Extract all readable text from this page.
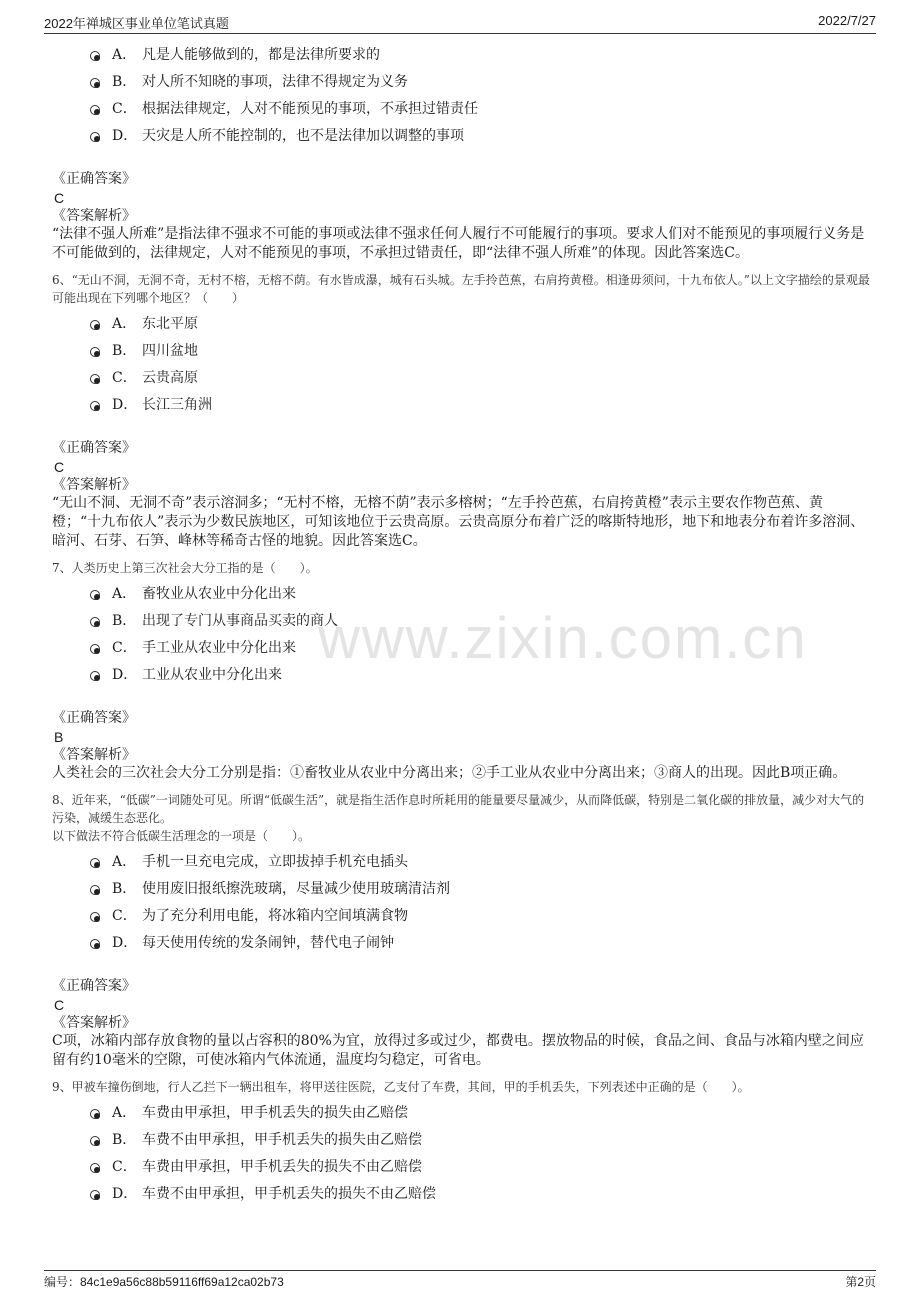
2022年禅城区事业单位笔试真题	2022/7/27
www.zixin.com.cn
A． 凡是人能够做到的，都是法律所要求的
B． 对人所不知晓的事项，法律不得规定为义务
C． 根据法律规定，人对不能预见的事项，不承担过错责任
D． 天灾是人所不能控制的，也不是法律加以调整的事项
《正确答案》
C
《答案解析》
“法律不强人所难”是指法律不强求不可能的事项或法律不强求任何人履行不可能履行的事项。要求人们对不能预见的事项履行义务是不可能做到的，法律规定，人对不能预见的事项，不承担过错责任，即“法律不强人所难”的体现。因此答案选C。

6、“无山不洞，无洞不奇，无村不榕，无榕不荫。有水皆成瀑，城有石头城。左手拎芭蕉，右肩挎黄橙。相逢毋须问，十九布依人。”以上文字描绘的景观最可能出现在下列哪个地区？（　　）

A． 东北平原
B． 四川盆地
C． 云贵高原
D． 长江三角洲
《正确答案》
C
《答案解析》
“无山不洞、无洞不奇”表示溶洞多；“无村不榕，无榕不荫”表示多榕树；“左手拎芭蕉，右肩挎黄橙”表示主要农作物芭蕉、黄橙；“十九布依人”表示为少数民族地区，可知该地位于云贵高原。云贵高原分布着广泛的喀斯特地形，地下和地表分布着许多溶洞、暗河、石芽、石笋、峰林等稀奇古怪的地貌。因此答案选C。

7、人类历史上第三次社会大分工指的是（　　）。

A． 畜牧业从农业中分化出来
B． 出现了专门从事商品买卖的商人
C． 手工业从农业中分化出来
D． 工业从农业中分化出来
《正确答案》
B
《答案解析》
人类社会的三次社会大分工分别是指：①畜牧业从农业中分离出来；②手工业从农业中分离出来；③商人的出现。因此B项正确。

8、近年来，“低碳”一词随处可见。所谓“低碳生活”，就是指生活作息时所耗用的能量要尽量减少，从而降低碳，特别是二氧化碳的排放量，减少对大气的污染，减缓生态恶化。

以下做法不符合低碳生活理念的一项是（　　）。

A． 手机一旦充电完成，立即拔掉手机充电插头
B． 使用废旧报纸擦洗玻璃，尽量减少使用玻璃清洁剂
C． 为了充分利用电能，将冰箱内空间填满食物
D． 每天使用传统的发条闹钟，替代电子闹钟
《正确答案》
C
《答案解析》
C项，冰箱内部存放食物的量以占容积的80%为宜，放得过多或过少，都费电。摆放物品的时候，食品之间、食品与冰箱内壁之间应留有约10毫米的空隙，可使冰箱内气体流通，温度均匀稳定，可省电。

9、甲被车撞伤倒地，行人乙拦下一辆出租车，将甲送往医院，乙支付了车费，其间，甲的手机丢失，下列表述中正确的是（　　）。

A． 车费由甲承担，甲手机丢失的损失由乙赔偿
B． 车费不由甲承担，甲手机丢失的损失由乙赔偿
C． 车费由甲承担，甲手机丢失的损失不由乙赔偿
D． 车费不由甲承担，甲手机丢失的损失不由乙赔偿
编号：84c1e9a56c88b59116ff69a12ca02b73	第2页
